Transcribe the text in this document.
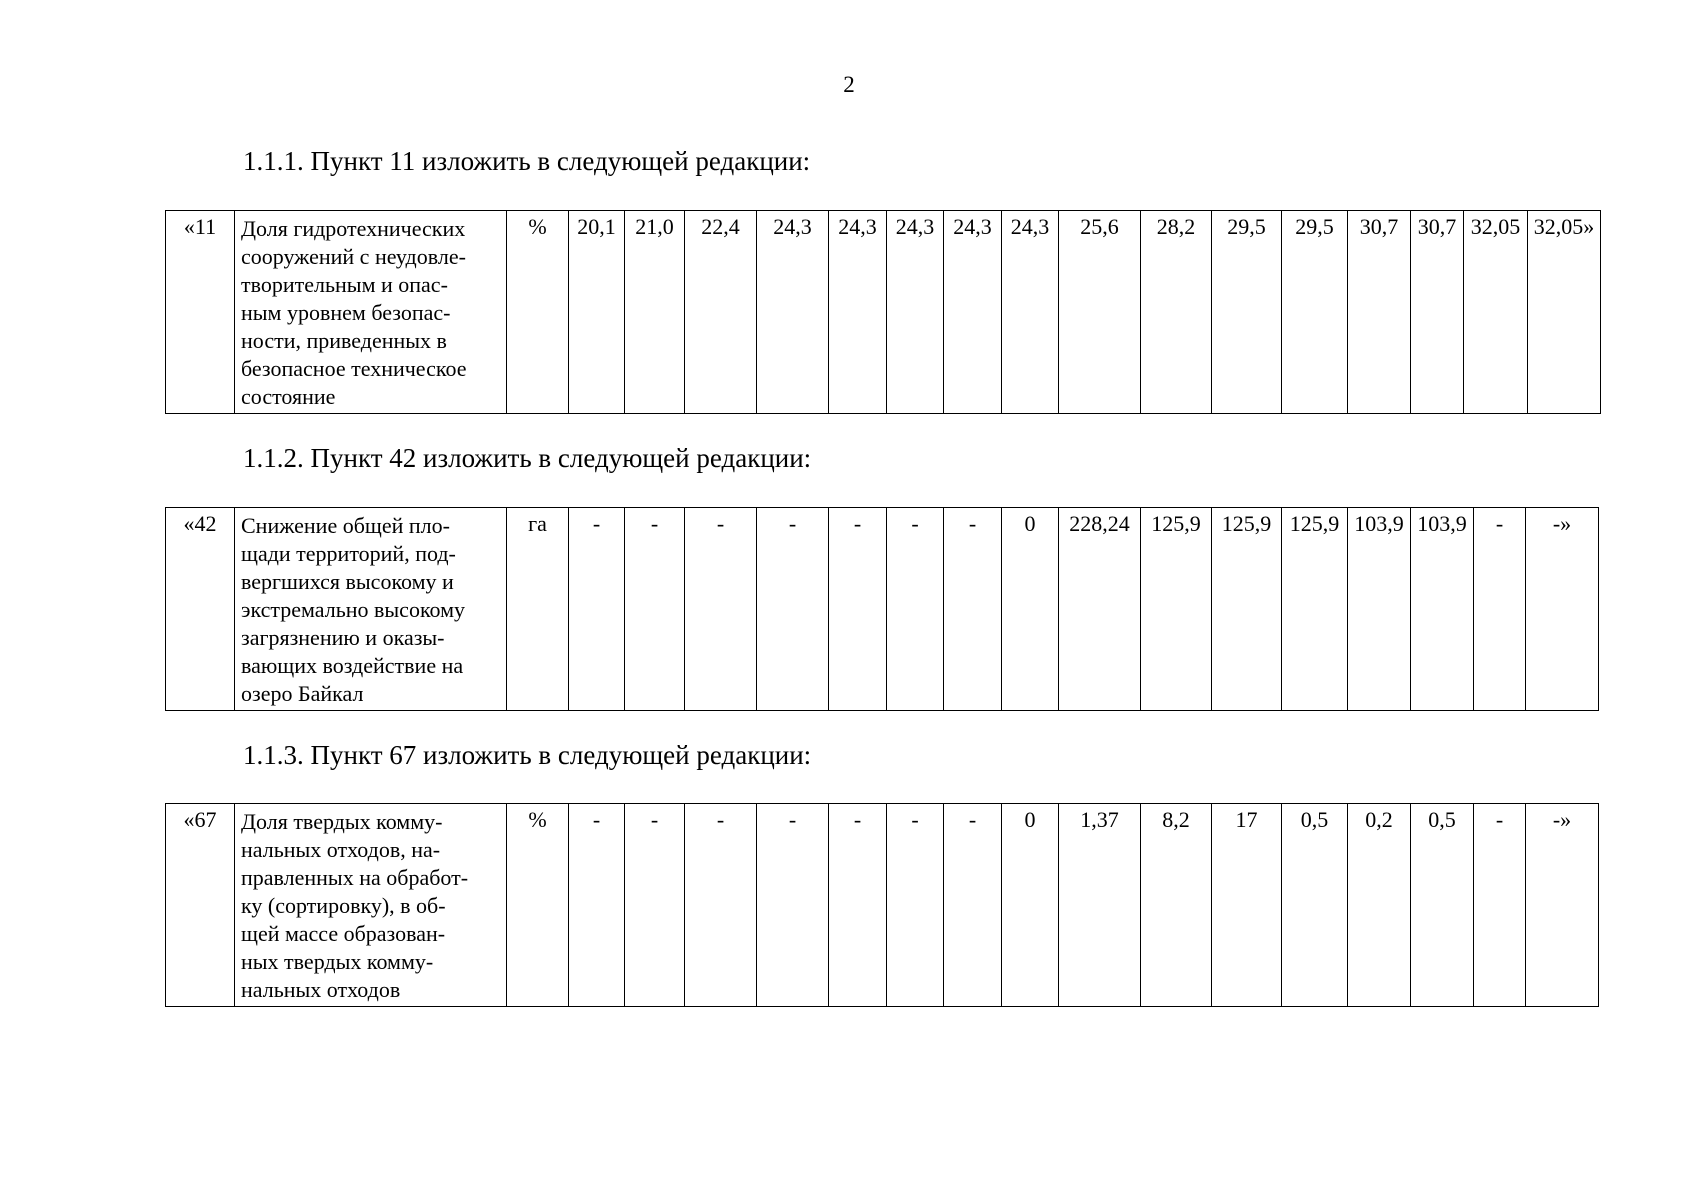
2
1.1.1. Пункт 11 изложить в следующей редакции:
«11	Доля гидротехнических
сооружений с неудовле-
творительным и опас-
ным уровнем безопас-
ности, приведенных в
безопасное техническое
состояние	%	20,1	21,0	22,4	24,3	24,3	24,3	24,3	24,3	25,6	28,2	29,5	29,5	30,7	30,7	32,05	32,05»
1.1.2. Пункт 42 изложить в следующей редакции:
«42	Снижение общей пло-
щади территорий, под-
вергшихся высокому и
экстремально высокому
загрязнению и оказы-
вающих воздействие на
озеро Байкал	га	-	-	-	-	-	-	-	0	228,24	125,9	125,9	125,9	103,9	103,9	-	-»
1.1.3. Пункт 67 изложить в следующей редакции:
«67	Доля твердых комму-
нальных отходов, на-
правленных на обработ-
ку (сортировку), в об-
щей массе образован-
ных твердых комму-
нальных отходов	%	-	-	-	-	-	-	-	0	1,37	8,2	17	0,5	0,2	0,5	-	-»
